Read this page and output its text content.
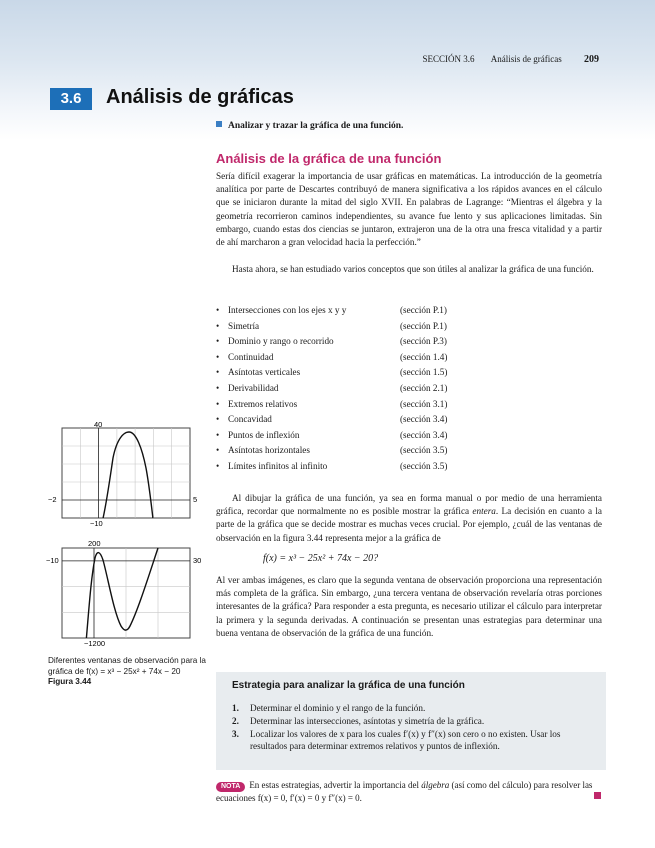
SECCIÓN 3.6 Análisis de gráficas 209
3.6	Análisis de gráficas
Analizar y trazar la gráfica de una función.
Análisis de la gráfica de una función

Sería difícil exagerar la importancia de usar gráficas en matemáticas. La introducción de la geometría analítica por parte de Descartes contribuyó de manera significativa a los rápidos avances en el cálculo que se iniciaron durante la mitad del siglo XVII. En palabras de Lagrange: “Mientras el álgebra y la geometría recorrieron caminos independientes, su avance fue lento y sus aplicaciones limitadas. Sin embargo, cuando estas dos ciencias se juntaron, extrajeron una de la otra una fresca vitalidad y a partir de ahí marcharon a gran velocidad hacia la perfección.”

Hasta ahora, se han estudiado varios conceptos que son útiles al analizar la gráfica de una función.

• Intersecciones con los ejes x y y	(sección P.1)
• Simetría	(sección P.1)
• Dominio y rango o recorrido	(sección P.3)
• Continuidad	(sección 1.4)
• Asíntotas verticales	(sección 1.5)
• Derivabilidad	(sección 2.1)
• Extremos relativos	(sección 3.1)
• Concavidad	(sección 3.4)
• Puntos de inflexión	(sección 3.4)
• Asíntotas horizontales	(sección 3.5)
• Límites infinitos al infinito	(sección 3.5)

Al dibujar la gráfica de una función, ya sea en forma manual o por medio de una herramienta gráfica, recordar que normalmente no es posible mostrar la gráfica entera. La decisión en cuanto a la parte de la gráfica que se decide mostrar es muchas veces crucial. Por ejemplo, ¿cuál de las ventanas de observación en la figura 3.44 representa mejor a la gráfica de

f(x) = x³ − 25x² + 74x − 20?

Al ver ambas imágenes, es claro que la segunda ventana de observación proporciona una representación más completa de la gráfica. Sin embargo, ¿una tercera ventana de observación revelaría otras porciones interesantes de la gráfica? Para responder a esta pregunta, es necesario utilizar el cálculo para interpretar la primera y la segunda derivadas. A continuación se presentan unas estrategias para determinar una buena ventana de observación de la gráfica de una función.

40
−10
−2	5
200
−1200
−10	30
Diferentes ventanas de observación para la gráfica de f(x) = x³ − 25x² + 74x − 20
Figura 3.44	Estrategia para analizar la gráfica de una función
1. Determinar el dominio y el rango de la función.
2. Determinar las intersecciones, asíntotas y simetría de la gráfica.
3. Localizar los valores de x para los cuales f′(x) y f″(x) son cero o no existen. Usar los resultados para determinar extremos relativos y puntos de inflexión.
NOTA En estas estrategias, advertir la importancia del álgebra (así como del cálculo) para resolver las ecuaciones f(x) = 0, f′(x) = 0 y f″(x) = 0.
